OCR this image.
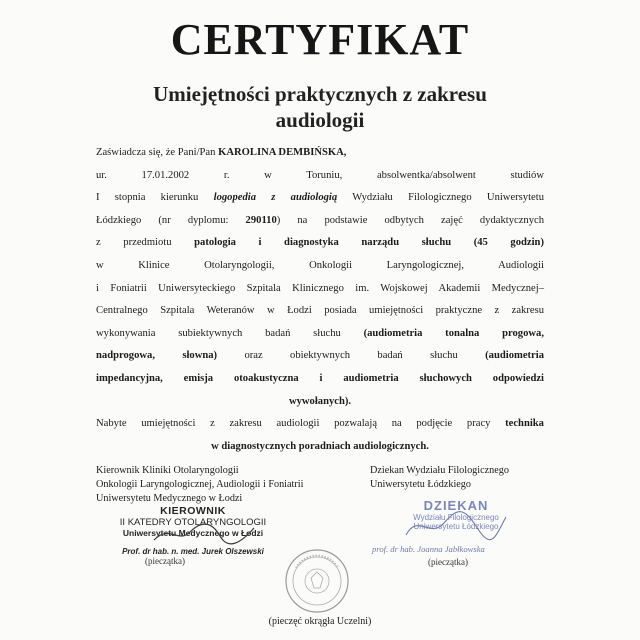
CERTYFIKAT
Umiejętności praktycznych z zakresu
audiologii
Zaświadcza się, że Pani/Pan KAROLINA DEMBIŃSKA,
ur.	17.01.2002	r.	w	Toruniu,	absolwentka/absolwent studiów
I stopnia kierunku logopedia z audiologią Wydziału Filologicznego Uniwersytetu
Łódzkiego (nr dyplomu: 290110) na podstawie odbytych zajęć dydaktycznych
z przedmiotu patologia i diagnostyka narządu słuchu (45 godzin)
w Klinice Otolaryngologii, Onkologii Laryngologicznej, Audiologii
i Foniatrii Uniwersyteckiego Szpitala Klinicznego im. Wojskowej Akademii Medycznej–
Centralnego Szpitala Weteranów w Łodzi posiada umiejętności praktyczne z zakresu
wykonywania subiektywnych badań słuchu (audiometria tonalna progowa,
nadprogowa, słowna)	oraz obiektywnych badań słuchu	(audiometria
impedancyjna, emisja otoakustyczna i audiometria słuchowych odpowiedzi
wywołanych).
Nabyte umiejętności z zakresu audiologii pozwalają na podjęcie pracy technika
w diagnostycznych poradniach audiologicznych.
Kierownik Kliniki Otolaryngologii
Onkologii Laryngologicznej, Audiologii i Foniatrii
Uniwersytetu Medycznego w Łodzi
KIEROWNIK
II KATEDRY OTOLARYNGOLOGII
Uniwersytetu Medycznego w Łodzi
Prof. dr hab. n. med. Jurek Olszewski
(pieczątka)
Dziekan Wydziału Filologicznego
Uniwersytetu Łódzkiego
DZIEKAN
Wydziału Filologicznego
Uniwersytetu Łódzkiego
prof. dr hab. Joanna Jabłkowska
(pieczątka)
(pieczęć okrągła Uczelni)
